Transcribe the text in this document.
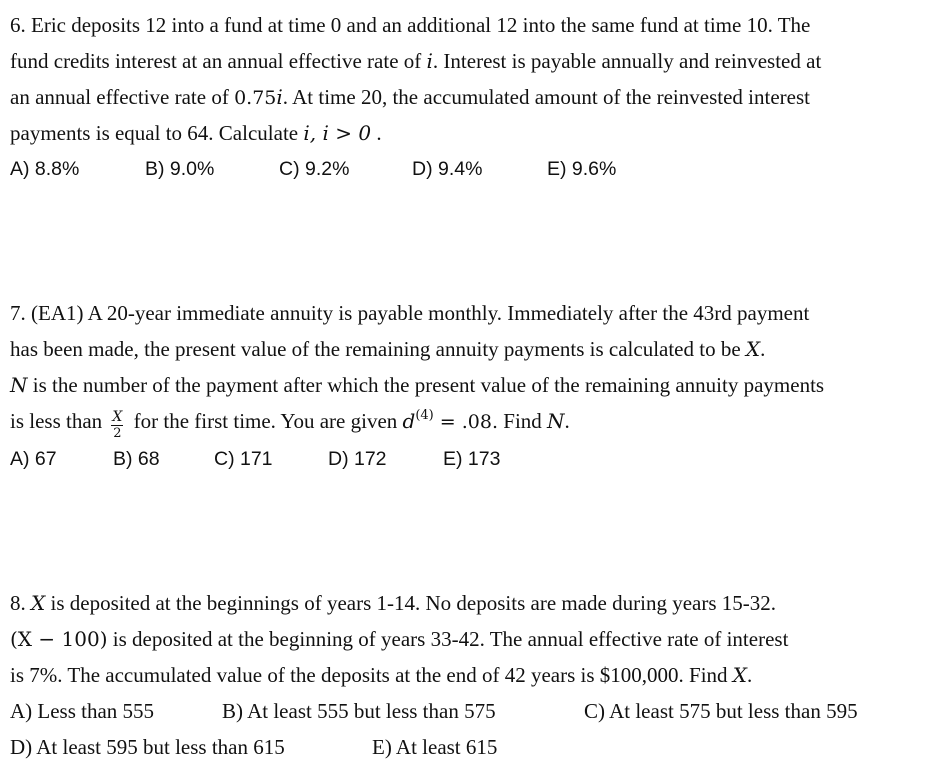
6. Eric deposits 12 into a fund at time 0 and an additional 12 into the same fund at time 10. The
fund credits interest at an annual effective rate of i. Interest is payable annually and reinvested at
an annual effective rate of 0.75i. At time 20, the accumulated amount of the reinvested interest
payments is equal to 64. Calculate i, i > 0 .
A) 8.8%	B) 9.0%	C) 9.2%	D) 9.4%	E) 9.6%
7. (EA1) A 20-year immediate annuity is payable monthly. Immediately after the 43rd payment
has been made, the present value of the remaining annuity payments is calculated to be X.
N is the number of the payment after which the present value of the remaining annuity payments
is less than $\frac{X}{2}$ for the first time. You are given $d^{(4)} = .08$. Find N.
A) 67	B) 68	C) 171	D) 172	E) 173
8. X is deposited at the beginnings of years 1-14. No deposits are made during years 15-32.
(X − 100) is deposited at the beginning of years 33-42. The annual effective rate of interest
is 7%. The accumulated value of the deposits at the end of 42 years is $100,000. Find X.
A) Less than 555	B) At least 555 but less than 575	C) At least 575 but less than 595
D) At least 595 but less than 615	E) At least 615
